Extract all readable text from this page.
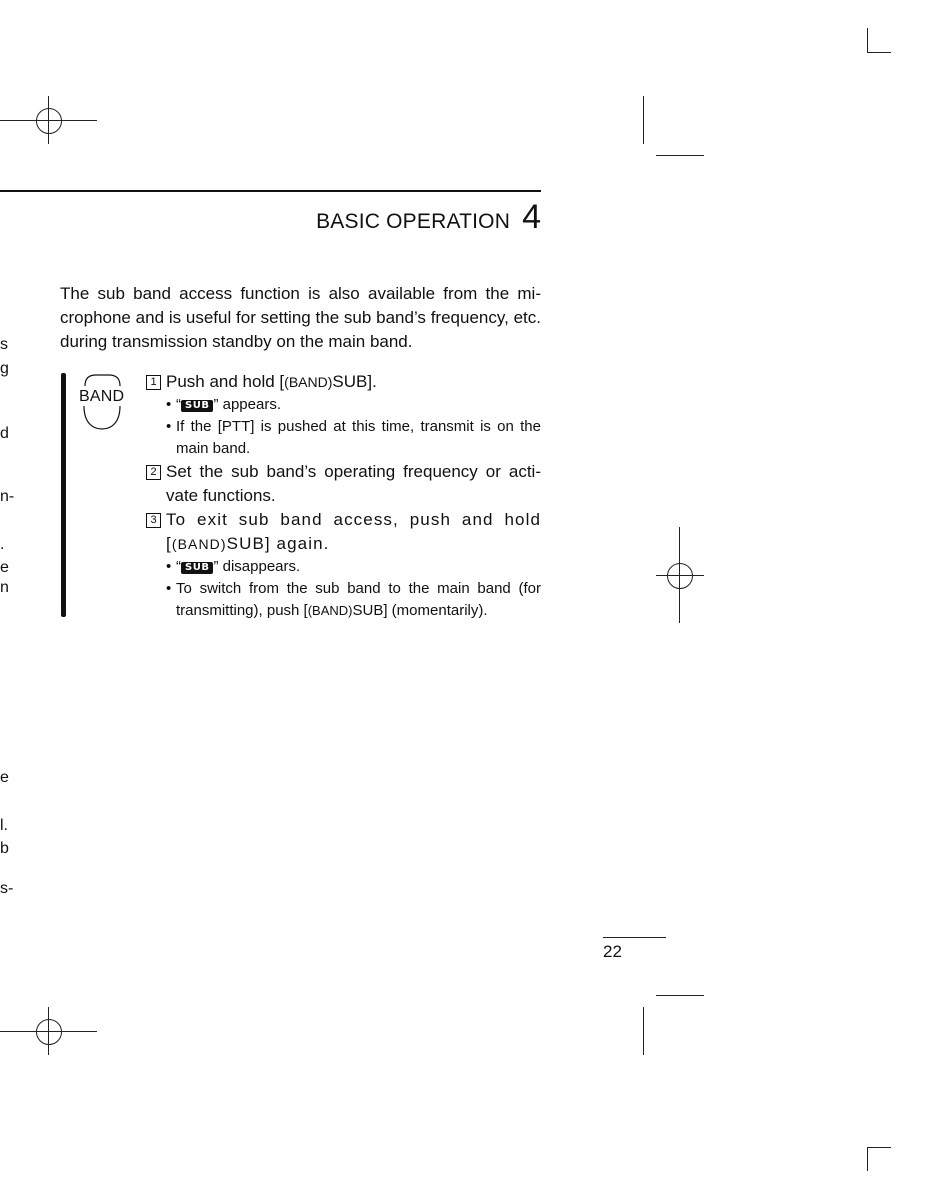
BASIC OPERATION 4
s
g
d
n-
.
e
n
e
l.
b
s-

The sub band access function is also available from the mi-crophone and is useful for setting the sub band’s frequency, etc. during transmission standby on the main band.

BAND
1 Push and hold [(BAND)SUB].
• “ SUB ” appears.
• If the [PTT] is pushed at this time, transmit is on the main band.
2 Set the sub band’s operating frequency or acti-vate functions.
3 To exit sub band access, push and hold [(BAND)SUB] again.
• “ SUB ” disappears.
• To switch from the sub band to the main band (for transmitting), push [(BAND)SUB] (momentarily).
22
